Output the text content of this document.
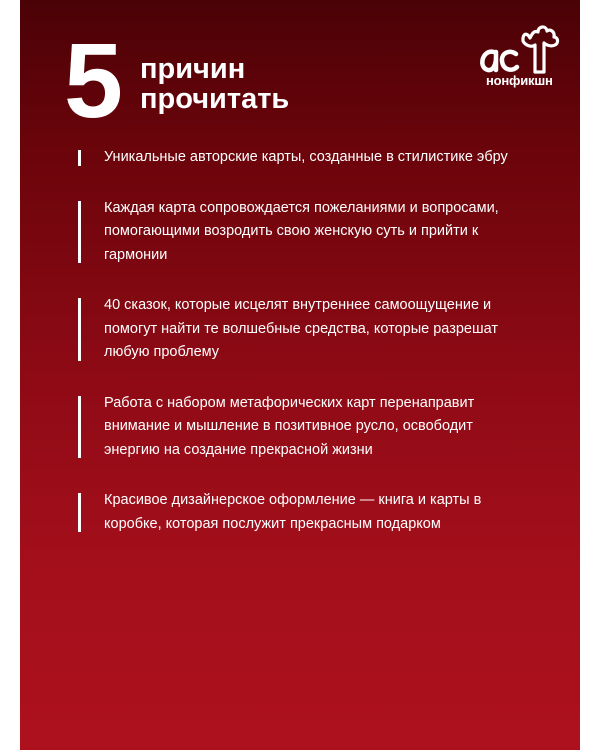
5 причин
прочитать
нонфикшн
Уникальные авторские карты, созданные в стилистике эбру
Каждая карта сопровождается пожеланиями и вопросами, помогающими возродить свою женскую суть и прийти к гармонии
40 сказок, которые исцелят внутреннее самоощущение и помогут найти те волшебные средства, которые разрешат любую проблему
Работа с набором метафорических карт перенаправит внимание и мышление в позитивное русло, освободит энергию на создание прекрасной жизни
Красивое дизайнерское оформление — книга и карты в коробке, которая послужит прекрасным подарком
